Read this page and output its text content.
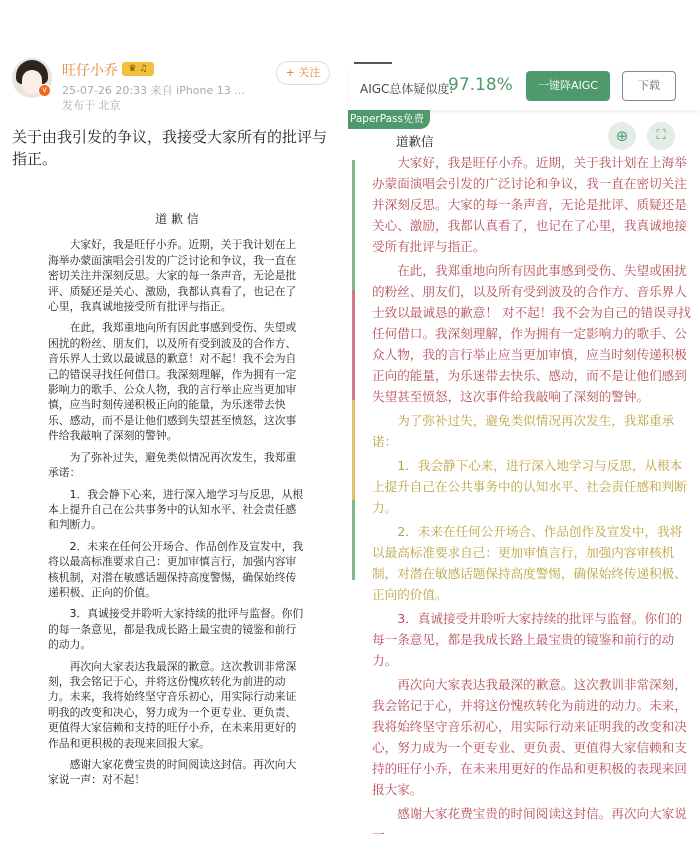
v
旺仔小乔	♛ ♫
25-07-26 20:33 来自 iPhone 13 ...
发布于 北京
+ 关注
关于由我引发的争议，我接受大家所有的批评与指正。
道 歉 信

大家好，我是旺仔小乔。近期，关于我计划在上海举办蒙面演唱会引发的广泛讨论和争议，我一直在密切关注并深刻反思。大家的每一条声音，无论是批评、质疑还是关心、激励，我都认真看了，也记在了心里，我真诚地接受所有批评与指正。

在此，我郑重地向所有因此事感到受伤、失望或困扰的粉丝、朋友们，以及所有受到波及的合作方、音乐界人士致以最诚恳的歉意！对不起！我不会为自己的错误寻找任何借口。我深刻理解，作为拥有一定影响力的歌手、公众人物，我的言行举止应当更加审慎，应当时刻传递积极正向的能量，为乐迷带去快乐、感动，而不是让他们感到失望甚至愤怒，这次事件给我敲响了深刻的警钟。

为了弥补过失，避免类似情况再次发生，我郑重承诺：

1．我会静下心来，进行深入地学习与反思，从根本上提升自己在公共事务中的认知水平、社会责任感和判断力。

2．未来在任何公开场合、作品创作及宣发中，我将以最高标准要求自己：更加审慎言行，加强内容审核机制，对潜在敏感话题保持高度警惕，确保始终传递积极、正向的价值。

3．真诚接受并聆听大家持续的批评与监督。你们的每一条意见，都是我成长路上最宝贵的镜鉴和前行的动力。

再次向大家表达我最深的歉意。这次教训非常深刻，我会铭记于心，并将这份愧疚转化为前进的动力。未来，我将始终坚守音乐初心，用实际行动来证明我的改变和决心，努力成为一个更专业、更负责、更值得大家信赖和支持的旺仔小乔，在未来用更好的作品和更积极的表现来回报大家。

感谢大家花费宝贵的时间阅读这封信。再次向大家说一声：对不起！

AIGC总体疑似度:
97.18%	一键降AIGC	下载
PaperPass免费版	⊕	⛶
道歉信

大家好，我是旺仔小乔。近期，关于我计划在上海举办蒙面演唱会引发的广泛讨论和争议，我一直在密切关注并深刻反思。大家的每一条声音，无论是批评、质疑还是关心、激励，我都认真看了，也记在了心里，我真诚地接受所有批评与指正。

在此，我郑重地向所有因此事感到受伤、失望或困扰的粉丝、朋友们，以及所有受到波及的合作方、音乐界人士致以最诚恳的歉意！ 对不起！我不会为自己的错误寻找任何借口。我深刻理解，作为拥有一定影响力的歌手、公众人物，我的言行举止应当更加审慎，应当时刻传递积极正向的能量，为乐迷带去快乐、感动，而不是让他们感到失望甚至愤怒，这次事件给我敲响了深刻的警钟。

为了弥补过失，避免类似情况再次发生，我郑重承诺：

1．我会静下心来，进行深入地学习与反思，从根本上提升自己在公共事务中的认知水平、社会责任感和判断力。

2．未来在任何公开场合、作品创作及宣发中，我将以最高标准要求自己：更加审慎言行，加强内容审核机制，对潜在敏感话题保持高度警惕，确保始终传递积极、正向的价值。

3．真诚接受并聆听大家持续的批评与监督。你们的每一条意见，都是我成长路上最宝贵的镜鉴和前行的动力。

再次向大家表达我最深的歉意。这次教训非常深刻，我会铭记于心，并将这份愧疚转化为前进的动力。未来，我将始终坚守音乐初心，用实际行动来证明我的改变和决心，努力成为一个更专业、更负责、更值得大家信赖和支持的旺仔小乔，在未来用更好的作品和更积极的表现来回报大家。

感谢大家花费宝贵的时间阅读这封信。再次向大家说一
